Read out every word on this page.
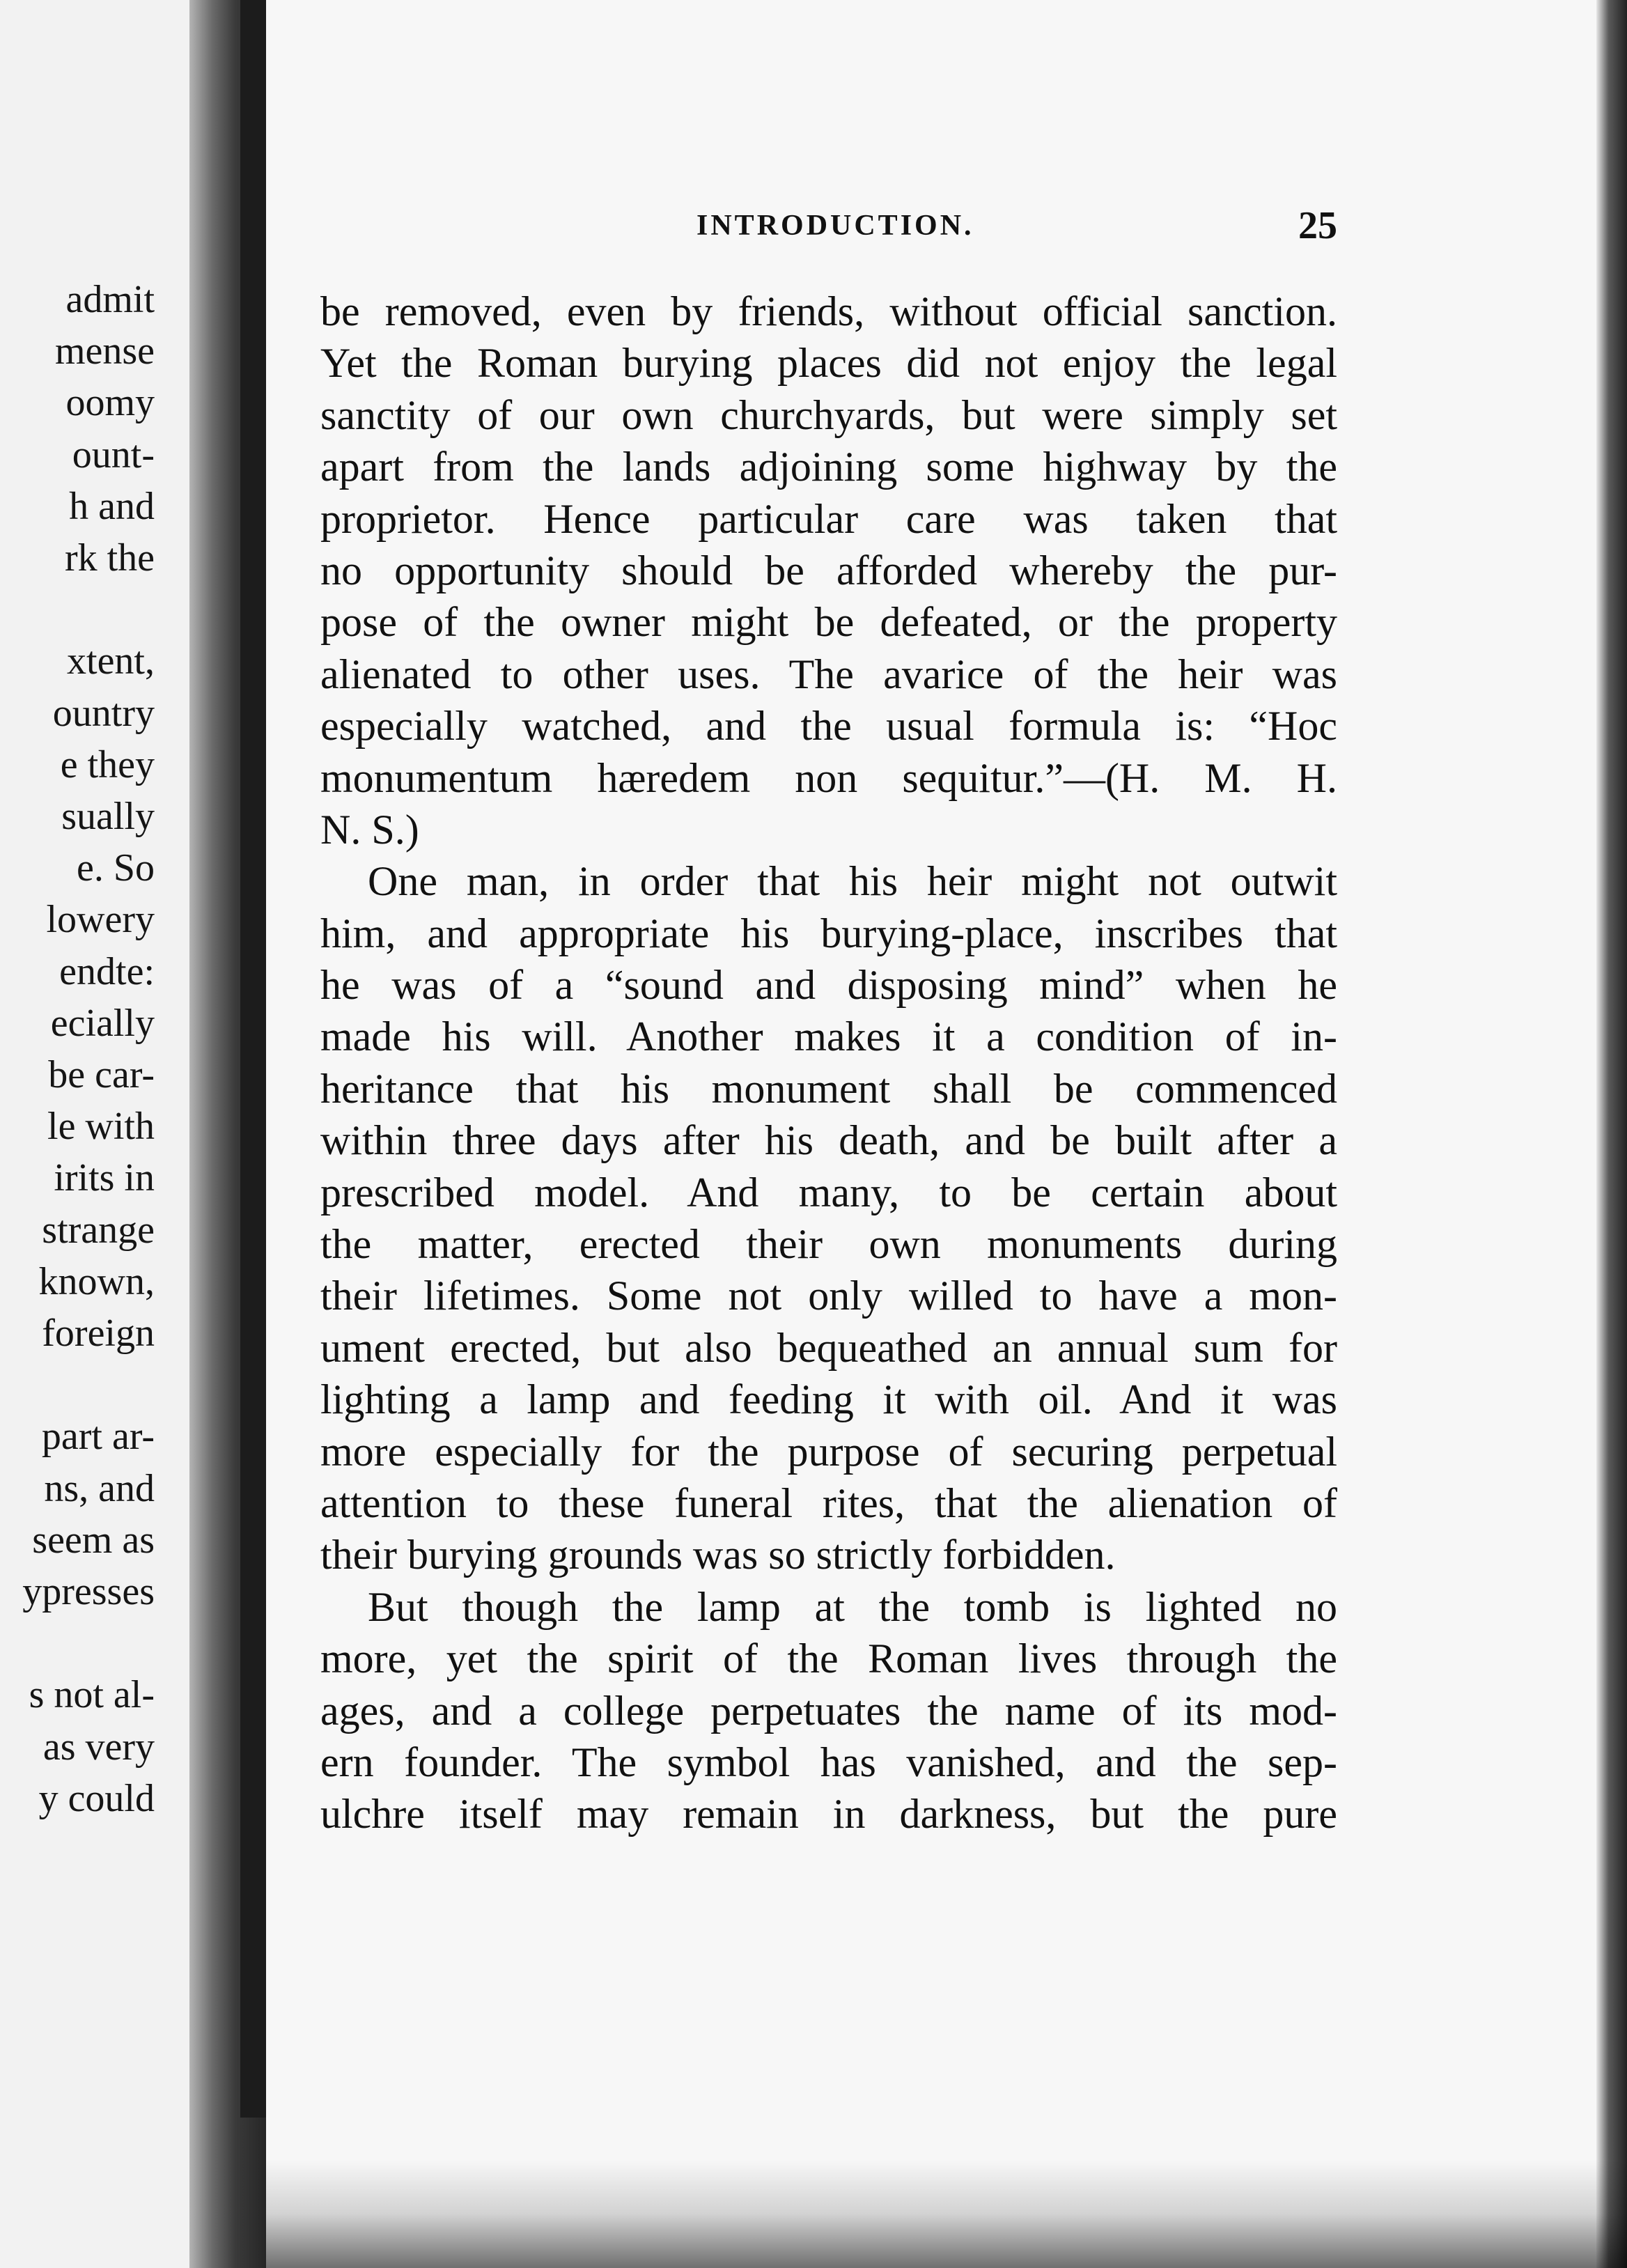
admit
mense
oomy
ount-
h and
rk the
xtent,
ountry
e they
sually
e. So
lowery
endte:
ecially
be car-
le with
irits in
strange
known,
foreign
part ar-
ns, and
seem as
ypresses
s not al-
as very
y could
INTRODUCTION.	25
be removed, even by friends, without official sanction.
Yet the Roman burying places did not enjoy the legal
sanctity of our own churchyards, but were simply set
apart from the lands adjoining some highway by the
proprietor. Hence particular care was taken that
no opportunity should be afforded whereby the pur-
pose of the owner might be defeated, or the property
alienated to other uses. The avarice of the heir was
especially watched, and the usual formula is: “Hoc
monumentum hæredem non sequitur.”—(H. M. H.
N. S.)
One man, in order that his heir might not outwit
him, and appropriate his burying-place, inscribes that
he was of a “sound and disposing mind” when he
made his will. Another makes it a condition of in-
heritance that his monument shall be commenced
within three days after his death, and be built after a
prescribed model. And many, to be certain about
the matter, erected their own monuments during
their lifetimes. Some not only willed to have a mon-
ument erected, but also bequeathed an annual sum for
lighting a lamp and feeding it with oil. And it was
more especially for the purpose of securing perpetual
attention to these funeral rites, that the alienation of
their burying grounds was so strictly forbidden.
But though the lamp at the tomb is lighted no
more, yet the spirit of the Roman lives through the
ages, and a college perpetuates the name of its mod-
ern founder. The symbol has vanished, and the sep-
ulchre itself may remain in darkness, but the pure
